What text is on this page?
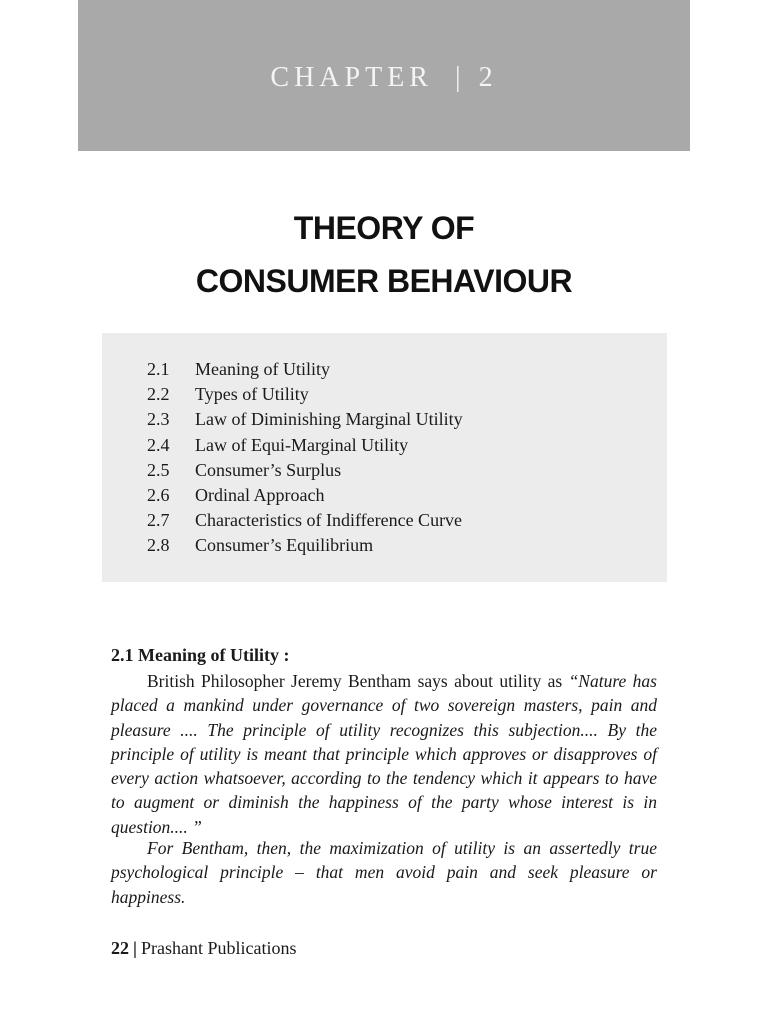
CHAPTER | 2
THEORY OF
CONSUMER BEHAVIOUR
2.1 Meaning of Utility
2.2 Types of Utility
2.3 Law of Diminishing Marginal Utility
2.4 Law of Equi-Marginal Utility
2.5 Consumer’s Surplus
2.6 Ordinal Approach
2.7 Characteristics of Indifference Curve
2.8 Consumer’s Equilibrium
2.1 Meaning of Utility :

British Philosopher Jeremy Bentham says about utility as “Nature has placed a mankind under governance of two sovereign masters, pain and pleasure .... The principle of utility recognizes this subjection.... By the principle of utility is meant that principle which approves or disapproves of every action whatsoever, according to the tendency which it appears to have to augment or diminish the happiness of the party whose interest is in question.... ”

For Bentham, then, the maximization of utility is an assertedly true psychological principle – that men avoid pain and seek pleasure or happiness.

22 | Prashant Publications
